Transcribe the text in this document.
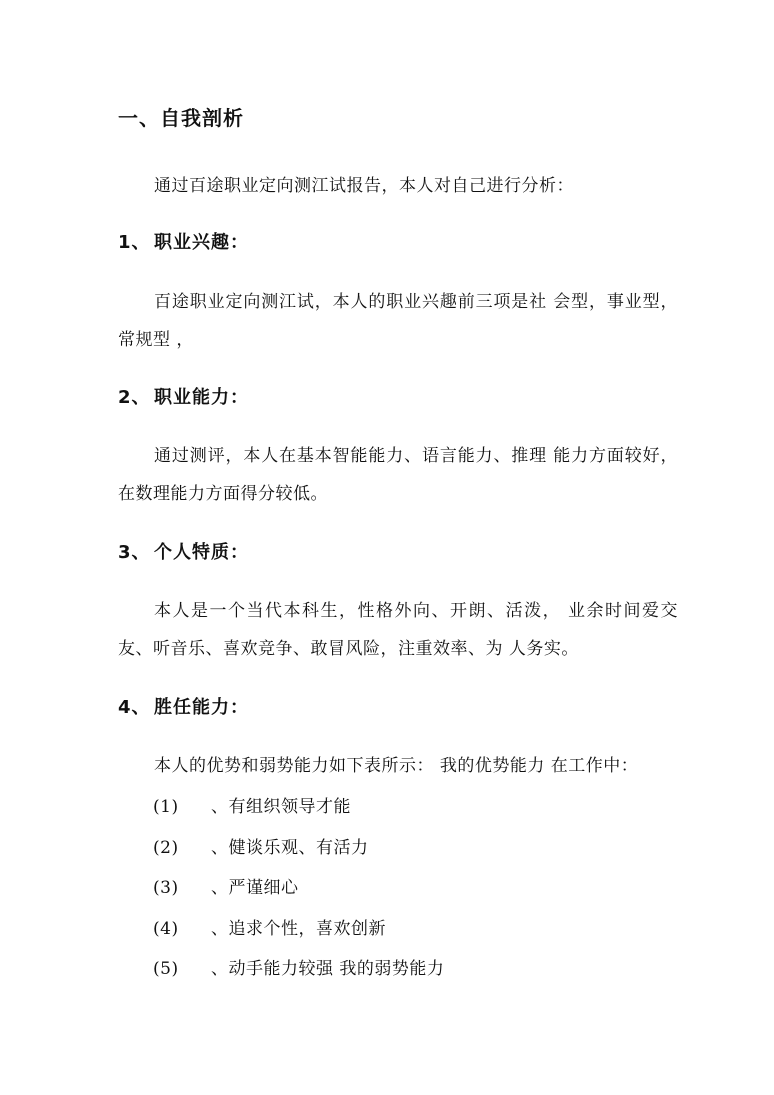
一、自我剖析
通过百途职业定向测江试报告，本人对自己进行分析：
1、 职业兴趣：
百途职业定向测江试，本人的职业兴趣前三项是社 会型，事业型，常规型 ，
2、 职业能力：
通过测评，本人在基本智能能力、语言能力、推理 能力方面较好，在数理能力方面得分较低。
3、 个人特质：
本人是一个当代本科生，性格外向、开朗、活泼， 业余时间爱交友、听音乐、喜欢竞争、敢冒风险，注重效率、为 人务实。
4、 胜任能力：
本人的优势和弱势能力如下表所示： 我的优势能力 在工作中：
(1) 、有组织领导才能
(2) 、健谈乐观、有活力
(3) 、严谨细心
(4) 、追求个性，喜欢创新
(5) 、动手能力较强 我的弱势能力
